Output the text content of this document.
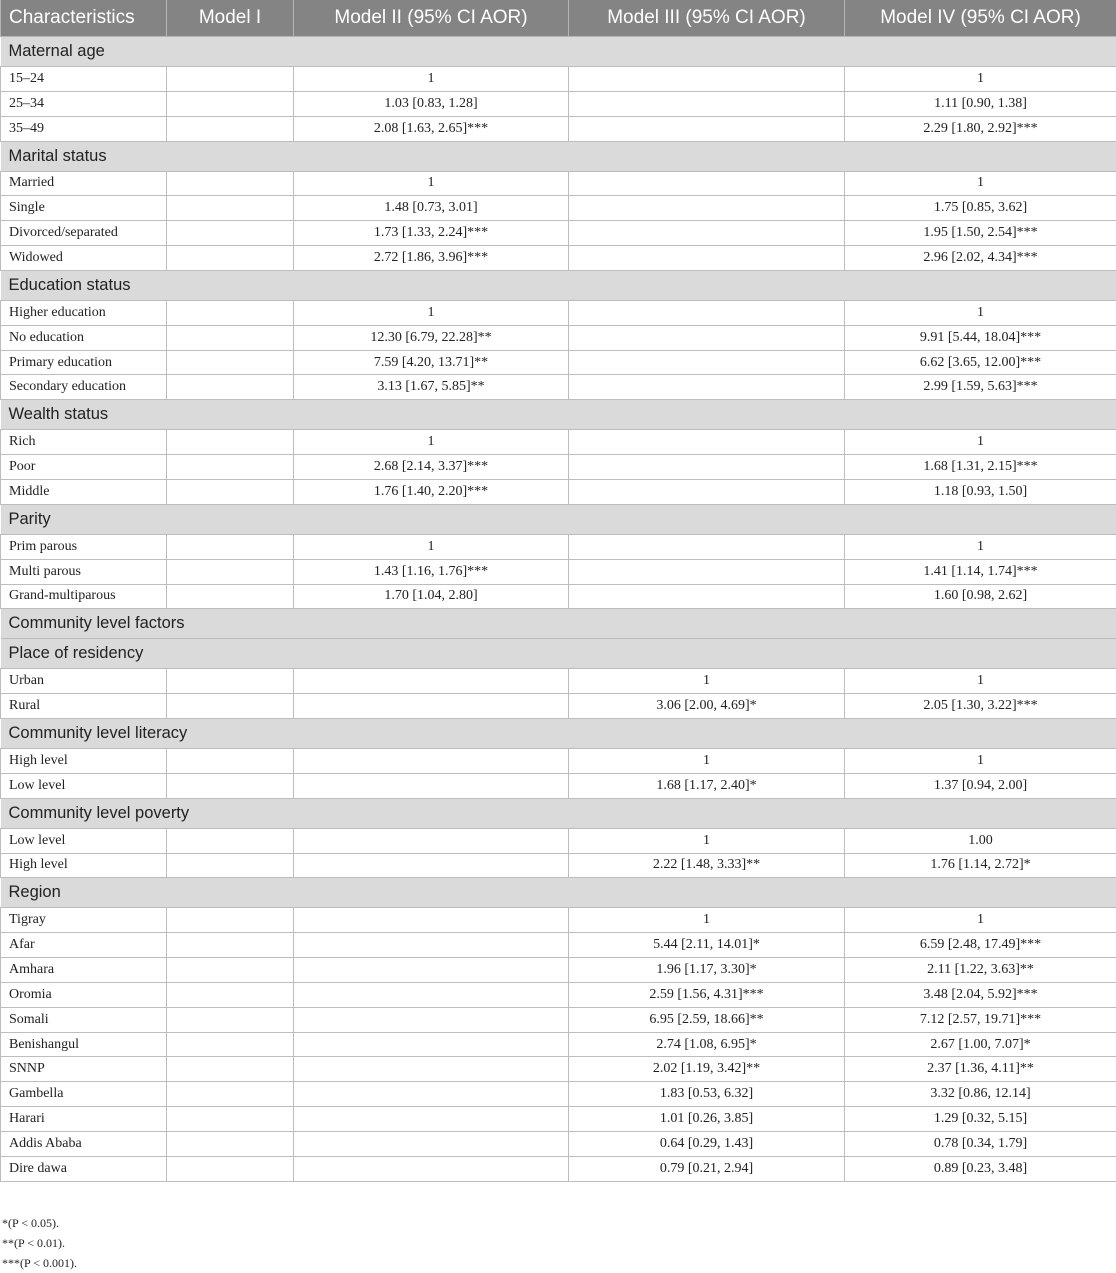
Characteristics	Model I	Model II (95% CI AOR)	Model III (95% CI AOR)	Model IV (95% CI AOR)
Maternal age				
15–24		1		1
25–34		1.03 [0.83, 1.28]		1.11 [0.90, 1.38]
35–49		2.08 [1.63, 2.65]***		2.29 [1.80, 2.92]***
Marital status				
Married		1		1
Single		1.48 [0.73, 3.01]		1.75 [0.85, 3.62]
Divorced/separated		1.73 [1.33, 2.24]***		1.95 [1.50, 2.54]***
Widowed		2.72 [1.86, 3.96]***		2.96 [2.02, 4.34]***
Education status				
Higher education		1		1
No education		12.30 [6.79, 22.28]**		9.91 [5.44, 18.04]***
Primary education		7.59 [4.20, 13.71]**		6.62 [3.65, 12.00]***
Secondary education		3.13 [1.67, 5.85]**		2.99 [1.59, 5.63]***
Wealth status				
Rich		1		1
Poor		2.68 [2.14, 3.37]***		1.68 [1.31, 2.15]***
Middle		1.76 [1.40, 2.20]***		1.18 [0.93, 1.50]
Parity				
Prim parous		1		1
Multi parous		1.43 [1.16, 1.76]***		1.41 [1.14, 1.74]***
Grand-multiparous		1.70 [1.04, 2.80]		1.60 [0.98, 2.62]
Community level factors				
Place of residency				
Urban			1	1
Rural			3.06 [2.00, 4.69]*	2.05 [1.30, 3.22]***
Community level literacy				
High level			1	1
Low level			1.68 [1.17, 2.40]*	1.37 [0.94, 2.00]
Community level poverty				
Low level			1	1.00
High level			2.22 [1.48, 3.33]**	1.76 [1.14, 2.72]*
Region				
Tigray			1	1
Afar			5.44 [2.11, 14.01]*	6.59 [2.48, 17.49]***
Amhara			1.96 [1.17, 3.30]*	2.11 [1.22, 3.63]**
Oromia			2.59 [1.56, 4.31]***	3.48 [2.04, 5.92]***
Somali			6.95 [2.59, 18.66]**	7.12 [2.57, 19.71]***
Benishangul			2.74 [1.08, 6.95]*	2.67 [1.00, 7.07]*
SNNP			2.02 [1.19, 3.42]**	2.37 [1.36, 4.11]**
Gambella			1.83 [0.53, 6.32]	3.32 [0.86, 12.14]
Harari			1.01 [0.26, 3.85]	1.29 [0.32, 5.15]
Addis Ababa			0.64 [0.29, 1.43]	0.78 [0.34, 1.79]
Dire dawa			0.79 [0.21, 2.94]	0.89 [0.23, 3.48]
*(P < 0.05).
**(P < 0.01).
***(P < 0.001).
